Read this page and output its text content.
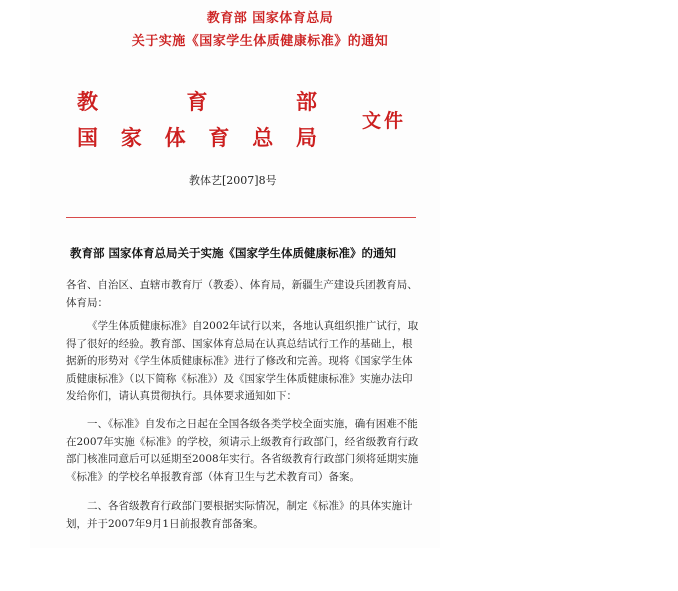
教育部 国家体育总局
关于实施《国家学生体质健康标准》的通知
教	育	部
国 家 体 育 总 局
文件
教体艺[2007]8号
教育部 国家体育总局关于实施《国家学生体质健康标准》的通知
各省、自治区、直辖市教育厅（教委）、体育局，新疆生产建设兵团教育局、体育局：
《学生体质健康标准》自2002年试行以来，各地认真组织推广试行，取得了很好的经验。教育部、国家体育总局在认真总结试行工作的基础上，根据新的形势对《学生体质健康标准》进行了修改和完善。现将《国家学生体质健康标准》（以下简称《标准》）及《国家学生体质健康标准》实施办法印发给你们，请认真贯彻执行。具体要求通知如下：
一、《标准》自发布之日起在全国各级各类学校全面实施，确有困难不能在2007年实施《标准》的学校，须请示上级教育行政部门，经省级教育行政部门核准同意后可以延期至2008年实行。各省级教育行政部门须将延期实施《标准》的学校名单报教育部（体育卫生与艺术教育司）备案。
二、各省级教育行政部门要根据实际情况，制定《标准》的具体实施计划，并于2007年9月1日前报教育部备案。
